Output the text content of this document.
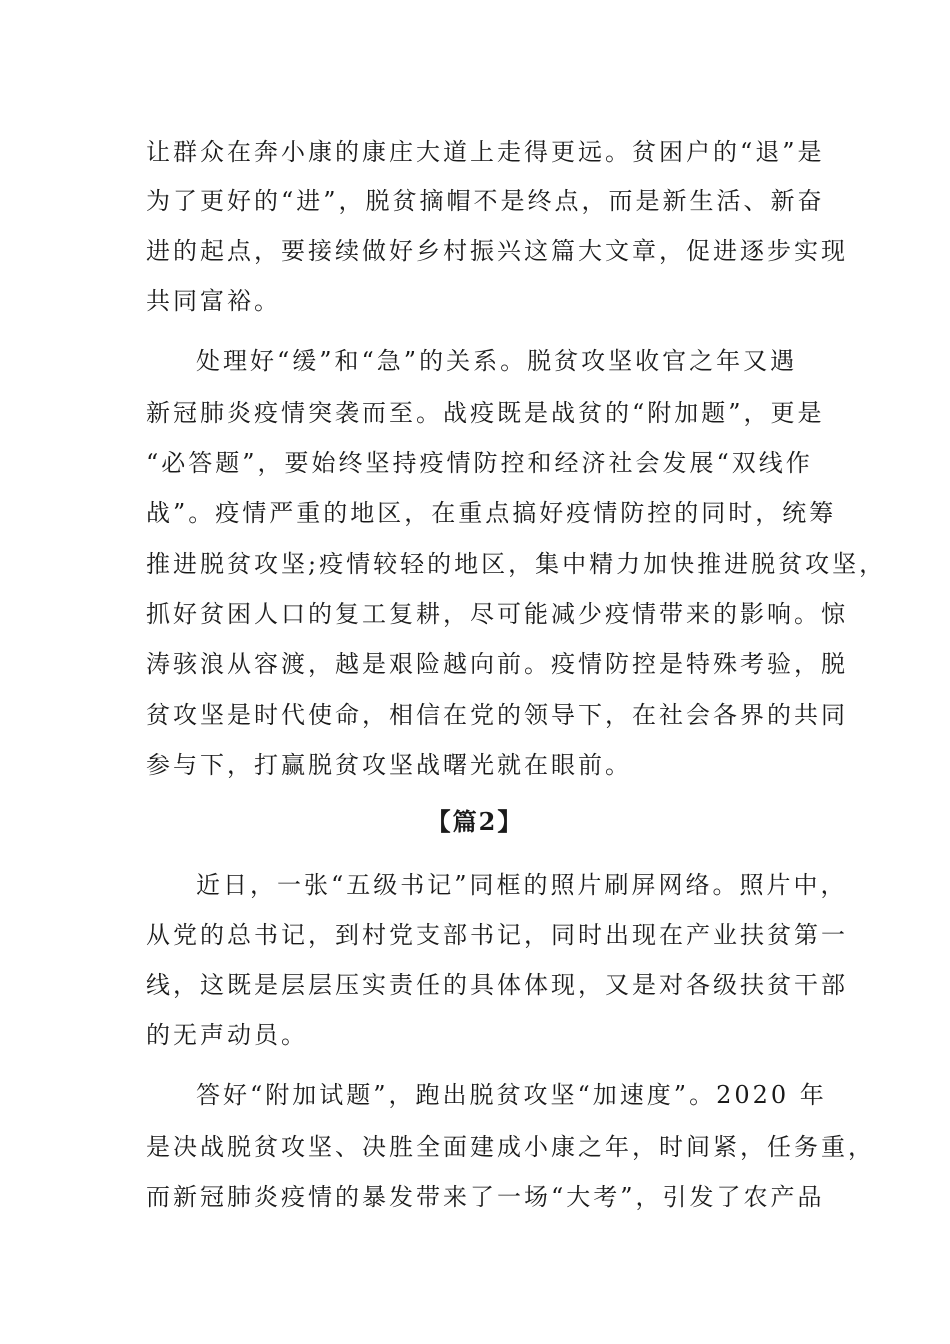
让群众在奔小康的康庄大道上走得更远。贫困户的“退”是
为了更好的“进”，脱贫摘帽不是终点，而是新生活、新奋
进的起点，要接续做好乡村振兴这篇大文章，促进逐步实现
共同富裕。
处理好“缓”和“急”的关系。脱贫攻坚收官之年又遇
新冠肺炎疫情突袭而至。战疫既是战贫的“附加题”，更是
“必答题”，要始终坚持疫情防控和经济社会发展“双线作
战”。疫情严重的地区，在重点搞好疫情防控的同时，统筹
推进脱贫攻坚;疫情较轻的地区，集中精力加快推进脱贫攻坚，
抓好贫困人口的复工复耕，尽可能减少疫情带来的影响。惊
涛骇浪从容渡，越是艰险越向前。疫情防控是特殊考验，脱
贫攻坚是时代使命，相信在党的领导下，在社会各界的共同
参与下，打赢脱贫攻坚战曙光就在眼前。
【篇2】
近日，一张“五级书记”同框的照片刷屏网络。照片中，
从党的总书记，到村党支部书记，同时出现在产业扶贫第一
线，这既是层层压实责任的具体体现，又是对各级扶贫干部
的无声动员。
答好“附加试题”，跑出脱贫攻坚“加速度”。2020 年
是决战脱贫攻坚、决胜全面建成小康之年，时间紧，任务重，
而新冠肺炎疫情的暴发带来了一场“大考”，引发了农产品
